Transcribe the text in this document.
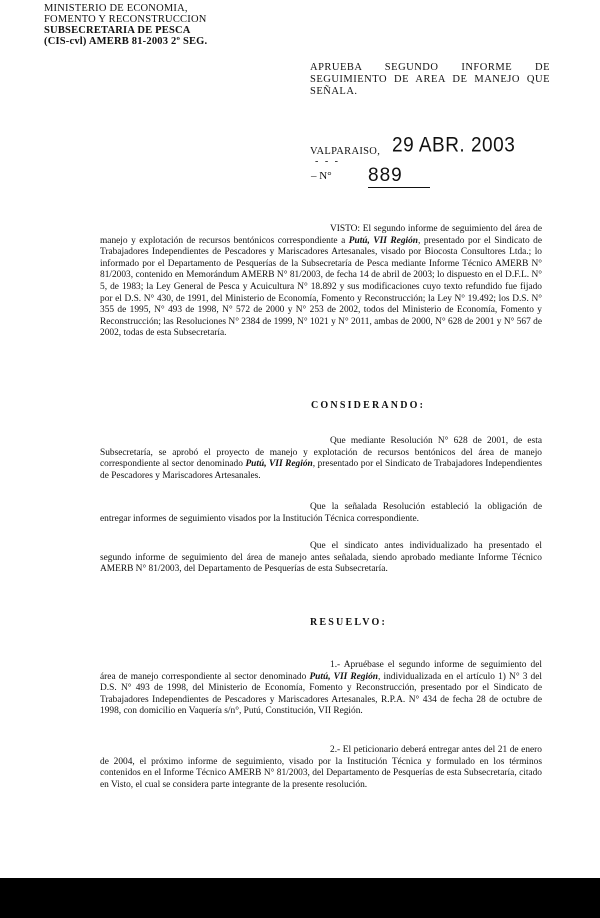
MINISTERIO DE ECONOMIA,
FOMENTO Y RECONSTRUCCION
SUBSECRETARIA DE PESCA
(CIS-cvl) AMERB 81-2003 2º SEG.
APRUEBA SEGUNDO INFORME DE SEGUIMIENTO DE AREA DE MANEJO QUE SEÑALA.
VALPARAISO, 29 ABR. 2003
- - -
– N° 889

VISTO: El segundo informe de seguimiento del área de manejo y explotación de recursos bentónicos correspondiente a Putú, VII Región, presentado por el Sindicato de Trabajadores Independientes de Pescadores y Mariscadores Artesanales, visado por Biocosta Consultores Ltda.; lo informado por el Departamento de Pesquerías de la Subsecretaría de Pesca mediante Informe Técnico AMERB N° 81/2003, contenido en Memorándum AMERB N° 81/2003, de fecha 14 de abril de 2003; lo dispuesto en el D.F.L. N° 5, de 1983; la Ley General de Pesca y Acuicultura N° 18.892 y sus modificaciones cuyo texto refundido fue fijado por el D.S. N° 430, de 1991, del Ministerio de Economía, Fomento y Reconstrucción; la Ley N° 19.492; los D.S. N° 355 de 1995, N° 493 de 1998, N° 572 de 2000 y N° 253 de 2002, todos del Ministerio de Economía, Fomento y Reconstrucción; las Resoluciones N° 2384 de 1999, N° 1021 y N° 2011, ambas de 2000, N° 628 de 2001 y N° 567 de 2002, todas de esta Subsecretaría.

CONSIDERANDO:

Que mediante Resolución N° 628 de 2001, de esta Subsecretaría, se aprobó el proyecto de manejo y explotación de recursos bentónicos del área de manejo correspondiente al sector denominado Putú, VII Región, presentado por el Sindicato de Trabajadores Independientes de Pescadores y Mariscadores Artesanales.

Que la señalada Resolución estableció la obligación de entregar informes de seguimiento visados por la Institución Técnica correspondiente.

Que el sindicato antes individualizado ha presentado el segundo informe de seguimiento del área de manejo antes señalada, siendo aprobado mediante Informe Técnico AMERB N° 81/2003, del Departamento de Pesquerías de esta Subsecretaría.

RESUELVO:

1.- Apruébase el segundo informe de seguimiento del área de manejo correspondiente al sector denominado Putú, VII Región, individualizada en el artículo 1) N° 3 del D.S. N° 493 de 1998, del Ministerio de Economía, Fomento y Reconstrucción, presentado por el Sindicato de Trabajadores Independientes de Pescadores y Mariscadores Artesanales, R.P.A. N° 434 de fecha 28 de octubre de 1998, con domicilio en Vaquería s/n°, Putú, Constitución, VII Región.

2.- El peticionario deberá entregar antes del 21 de enero de 2004, el próximo informe de seguimiento, visado por la Institución Técnica y formulado en los términos contenidos en el Informe Técnico AMERB N° 81/2003, del Departamento de Pesquerías de esta Subsecretaría, citado en Visto, el cual se considera parte integrante de la presente resolución.
